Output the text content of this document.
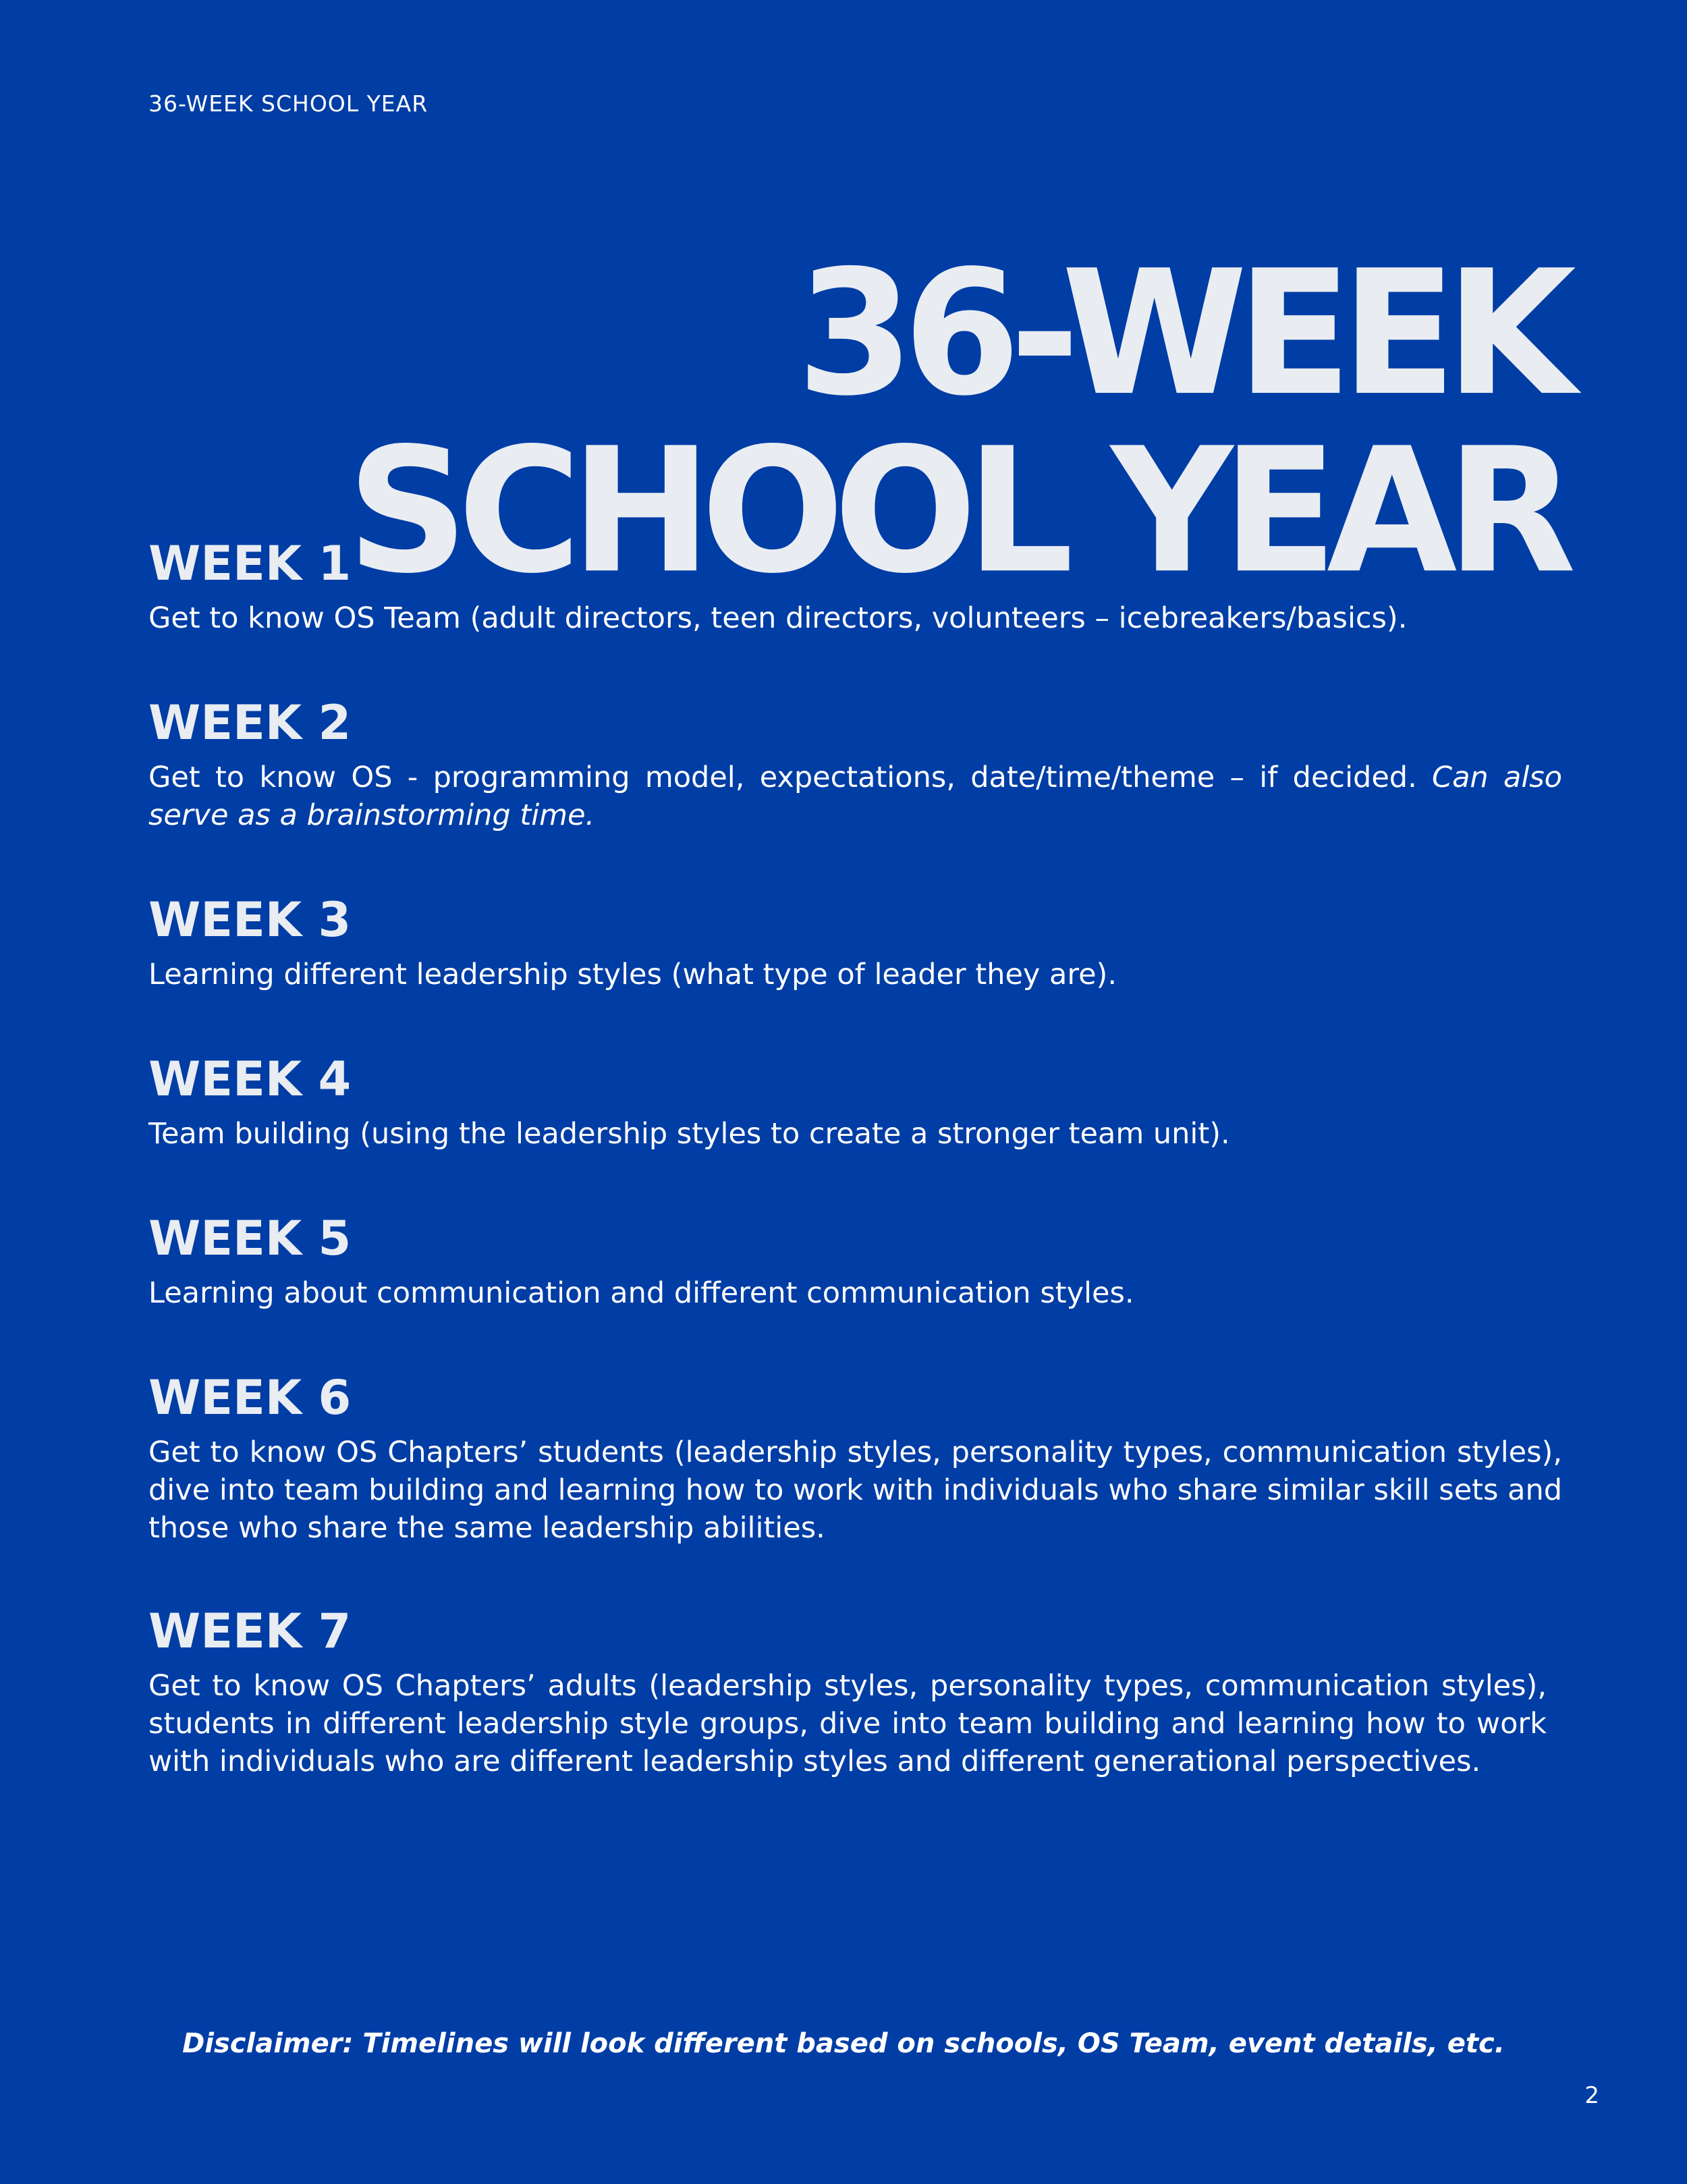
36-WEEK SCHOOL YEAR
36-WEEK
SCHOOL YEAR
WEEK 1

Get to know OS Team (adult directors, teen directors, volunteers – icebreakers/basics).

WEEK 2

Get to know OS - programming model, expectations, date/time/theme – if decided. Can also serve as a brainstorming time.

WEEK 3

Learning different leadership styles (what type of leader they are).

WEEK 4

Team building (using the leadership styles to create a stronger team unit).

WEEK 5

Learning about communication and different communication styles.

WEEK 6

Get to know OS Chapters’ students (leadership styles, personality types, communication styles), dive into team building and learning how to work with individuals who share similar skill sets and those who share the same leadership abilities.

WEEK 7

Get to know OS Chapters’ adults (leadership styles, personality types, communication styles), students in different leadership style groups, dive into team building and learning how to work with individuals who are different leadership styles and different generational perspectives.

Disclaimer: Timelines will look different based on schools, OS Team, event details, etc.
2
